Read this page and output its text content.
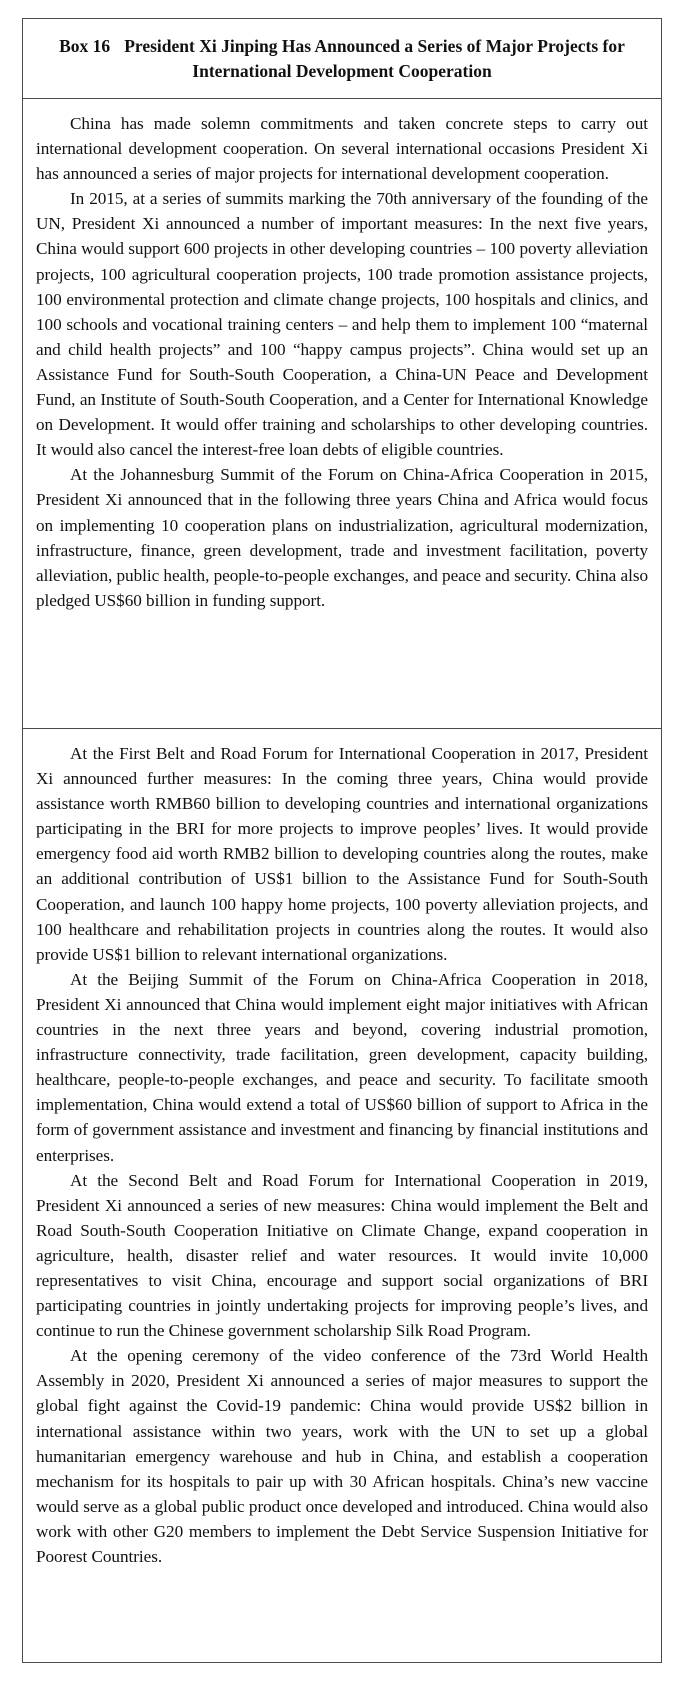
Box 16 President Xi Jinping Has Announced a Series of Major Projects for International Development Cooperation

China has made solemn commitments and taken concrete steps to carry out international development cooperation. On several international occasions President Xi has announced a series of major projects for international development cooperation.

In 2015, at a series of summits marking the 70th anniversary of the founding of the UN, President Xi announced a number of important measures: In the next five years, China would support 600 projects in other developing countries – 100 poverty alleviation projects, 100 agricultural cooperation projects, 100 trade promotion assistance projects, 100 environmental protection and climate change projects, 100 hospitals and clinics, and 100 schools and vocational training centers – and help them to implement 100 “maternal and child health projects” and 100 “happy campus projects”. China would set up an Assistance Fund for South-South Cooperation, a China-UN Peace and Development Fund, an Institute of South-South Cooperation, and a Center for International Knowledge on Development. It would offer training and scholarships to other developing countries. It would also cancel the interest-free loan debts of eligible countries.

At the Johannesburg Summit of the Forum on China-Africa Cooperation in 2015, President Xi announced that in the following three years China and Africa would focus on implementing 10 cooperation plans on industrialization, agricultural modernization, infrastructure, finance, green development, trade and investment facilitation, poverty alleviation, public health, people-to-people exchanges, and peace and security. China also pledged US$60 billion in funding support.

At the First Belt and Road Forum for International Cooperation in 2017, President Xi announced further measures: In the coming three years, China would provide assistance worth RMB60 billion to developing countries and international organizations participating in the BRI for more projects to improve peoples’ lives. It would provide emergency food aid worth RMB2 billion to developing countries along the routes, make an additional contribution of US$1 billion to the Assistance Fund for South-South Cooperation, and launch 100 happy home projects, 100 poverty alleviation projects, and 100 healthcare and rehabilitation projects in countries along the routes. It would also provide US$1 billion to relevant international organizations.

At the Beijing Summit of the Forum on China-Africa Cooperation in 2018, President Xi announced that China would implement eight major initiatives with African countries in the next three years and beyond, covering industrial promotion, infrastructure connectivity, trade facilitation, green development, capacity building, healthcare, people-to-people exchanges, and peace and security. To facilitate smooth implementation, China would extend a total of US$60 billion of support to Africa in the form of government assistance and investment and financing by financial institutions and enterprises.

At the Second Belt and Road Forum for International Cooperation in 2019, President Xi announced a series of new measures: China would implement the Belt and Road South-South Cooperation Initiative on Climate Change, expand cooperation in agriculture, health, disaster relief and water resources. It would invite 10,000 representatives to visit China, encourage and support social organizations of BRI participating countries in jointly undertaking projects for improving people’s lives, and continue to run the Chinese government scholarship Silk Road Program.

At the opening ceremony of the video conference of the 73rd World Health Assembly in 2020, President Xi announced a series of major measures to support the global fight against the Covid-19 pandemic: China would provide US$2 billion in international assistance within two years, work with the UN to set up a global humanitarian emergency warehouse and hub in China, and establish a cooperation mechanism for its hospitals to pair up with 30 African hospitals. China’s new vaccine would serve as a global public product once developed and introduced. China would also work with other G20 members to implement the Debt Service Suspension Initiative for Poorest Countries.
